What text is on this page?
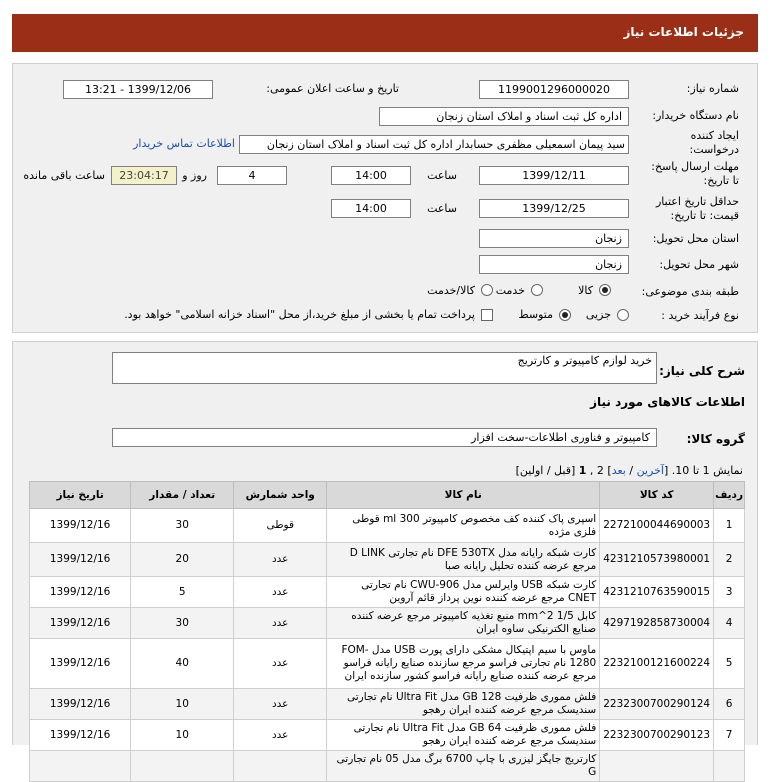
جزئیات اطلاعات نیاز
شماره نیاز:
1199001296000020
تاریخ و ساعت اعلان عمومی:
1399/12/06 - 13:21
نام دستگاه خریدار:
اداره کل ثبت اسناد و املاک استان زنجان
ایجاد کننده
درخواست:
سید پیمان اسمعیلی مظفری حسابدار اداره کل ثبت اسناد و املاک استان زنجان
اطلاعات تماس خریدار
مهلت ارسال پاسخ:
تا تاریخ:
1399/12/11
ساعت
14:00
4
روز و
23:04:17
ساعت باقی مانده
حداقل تاریخ اعتبار
قیمت: تا تاریخ:
1399/12/25
ساعت
14:00
استان محل تحویل:
زنجان
شهر محل تحویل:
زنجان
طبقه بندی موضوعی:
کالا
خدمت
کالا/خدمت
نوع فرآیند خرید :
جزیی
متوسط
پرداخت تمام یا بخشی از مبلغ خرید،از محل "اسناد خزانه اسلامی" خواهد بود.
شرح کلی نیاز:
خرید لوازم کامپیوتر و کارتریج
اطلاعات کالاهای مورد نیاز
گروه کالا:
کامپیوتر و فناوری اطلاعات-سخت افزار
نمایش 1 تا 10. [آخرین / بعد] 2 , 1 [قبل / اولین]
ردیف	کد کالا	نام کالا	واحد شمارش	تعداد / مقدار	تاریخ نیاز
1	2272100044690003	اسپری پاک کننده کف مخصوص کامپیوتر 300 ml قوطی فلزی مژده	قوطی	30	1399/12/16
2	4231210573980001	کارت شبکه رایانه مدل DFE 530TX نام تجارتی D LINK مرجع عرضه کننده تحلیل رایانه صبا	عدد	20	1399/12/16
3	4231210763590015	کارت شبکه USB وایرلس مدل CWU-906 نام تجارتی CNET مرجع عرضه کننده نوین پرداز قائم آروین	عدد	5	1399/12/16
4	4297192858730004	کابل 1/5 mm^2 منبع تغذیه کامپیوتر مرجع عرضه کننده صنایع الکترنیکی ساوه ایران	عدد	30	1399/12/16
5	2232100121600224	ماوس با سیم اپتیکال مشکی دارای پورت USB مدل FOM-1280 نام تجارتی فراسو مرجع سازنده صنایع رایانه فراسو مرجع عرضه کننده صنایع رایانه فراسو کشور سازنده ایران	عدد	40	1399/12/16
6	2232300700290124	فلش مموری ظرفیت 128 GB مدل Ultra Fit نام تجارتی سندیسک مرجع عرضه کننده ایران رهجو	عدد	10	1399/12/16
7	2232300700290123	فلش مموری ظرفیت 64 GB مدل Ultra Fit نام تجارتی سندیسک مرجع عرضه کننده ایران رهجو	عدد	10	1399/12/16
		کارتریج جایگز لیزری با چاپ 6700 برگ مدل 05 نام تجارتی G			
